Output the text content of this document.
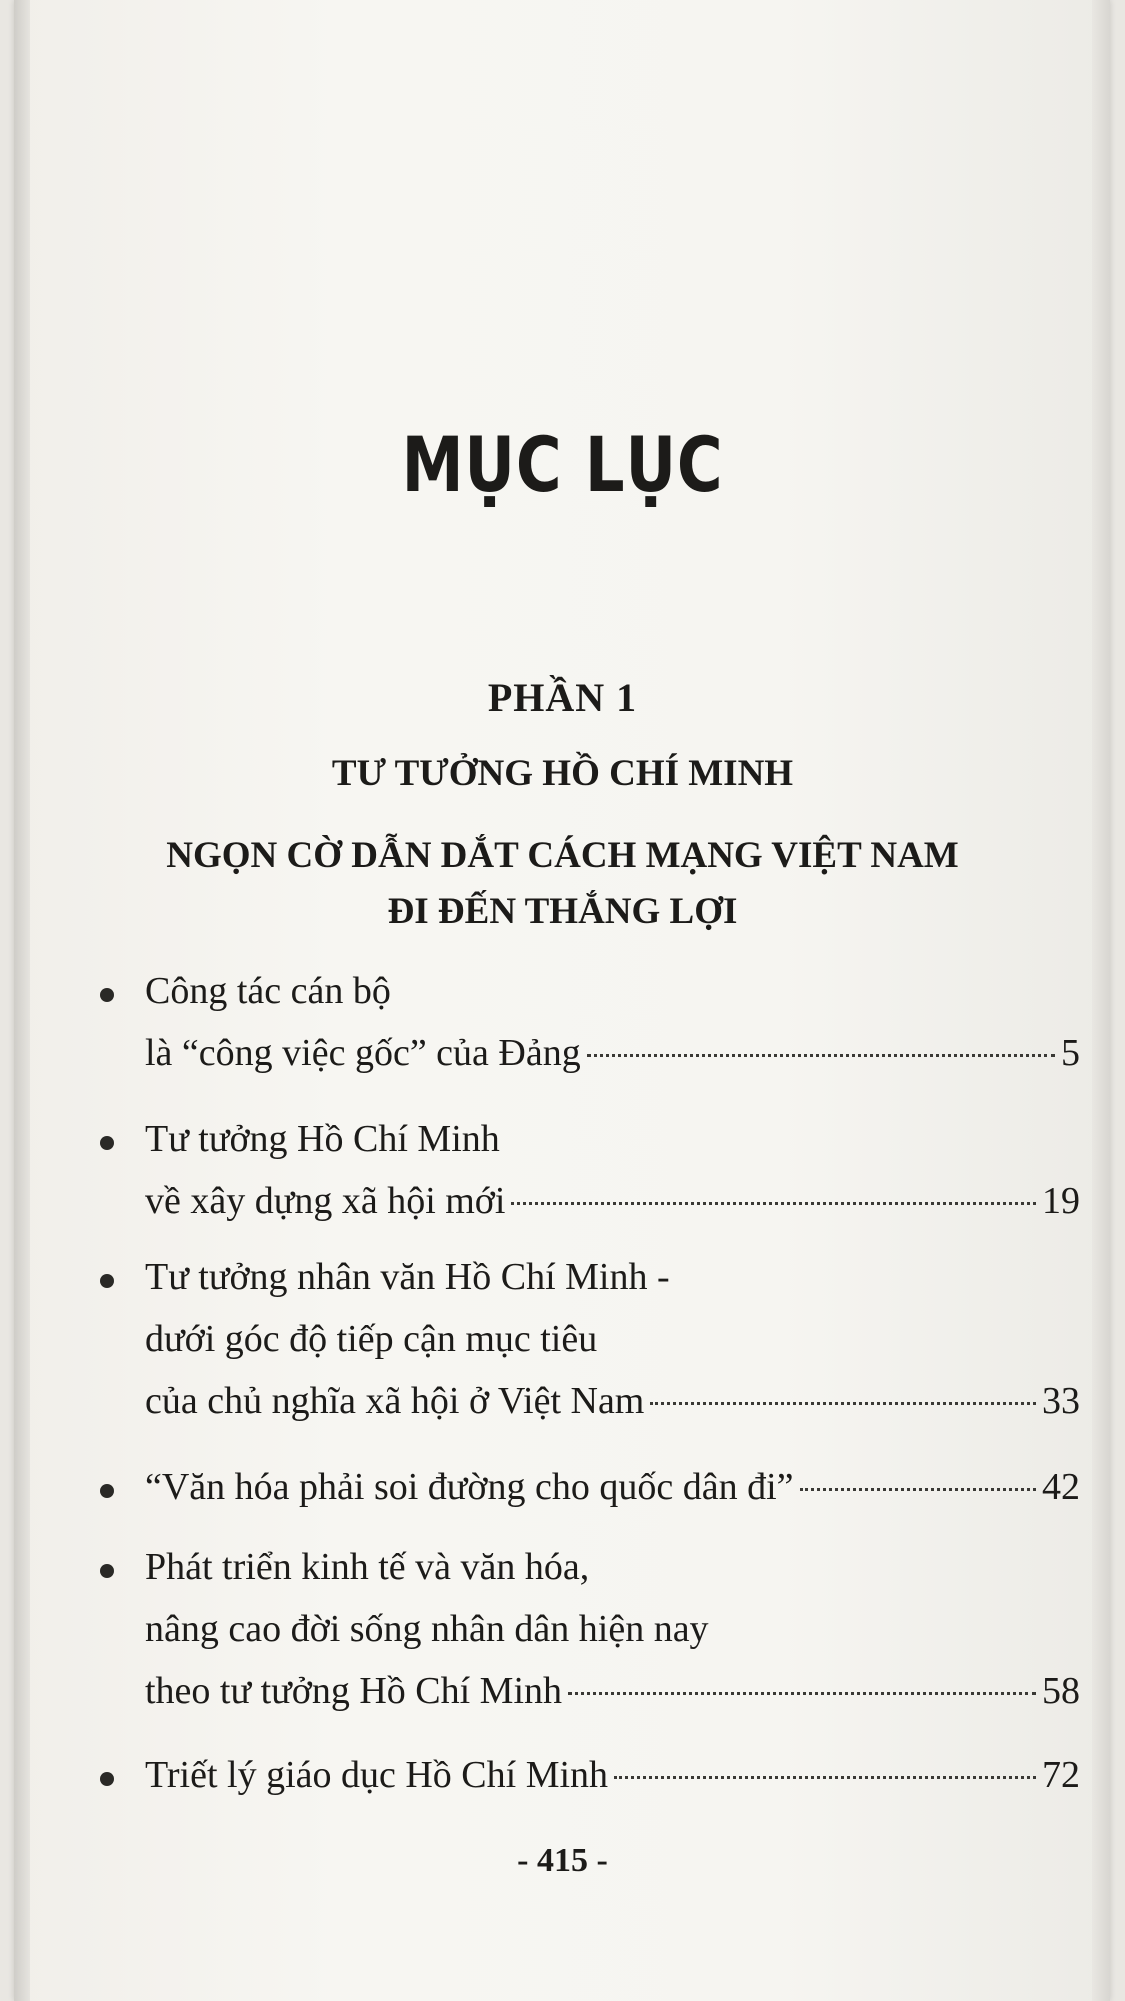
MỤC LỤC
PHẦN 1
TƯ TƯỞNG HỒ CHÍ MINH
NGỌN CỜ DẪN DẮT CÁCH MẠNG VIỆT NAM
ĐI ĐẾN THẮNG LỢI
Công tác cán bộ
là “công việc gốc” của Đảng	5
Tư tưởng Hồ Chí Minh
về xây dựng xã hội mới	19
Tư tưởng nhân văn Hồ Chí Minh -
dưới góc độ tiếp cận mục tiêu
của chủ nghĩa xã hội ở Việt Nam	33
“Văn hóa phải soi đường cho quốc dân đi”	42
Phát triển kinh tế và văn hóa,
nâng cao đời sống nhân dân hiện nay
theo tư tưởng Hồ Chí Minh	58
Triết lý giáo dục Hồ Chí Minh	72
- 415 -
